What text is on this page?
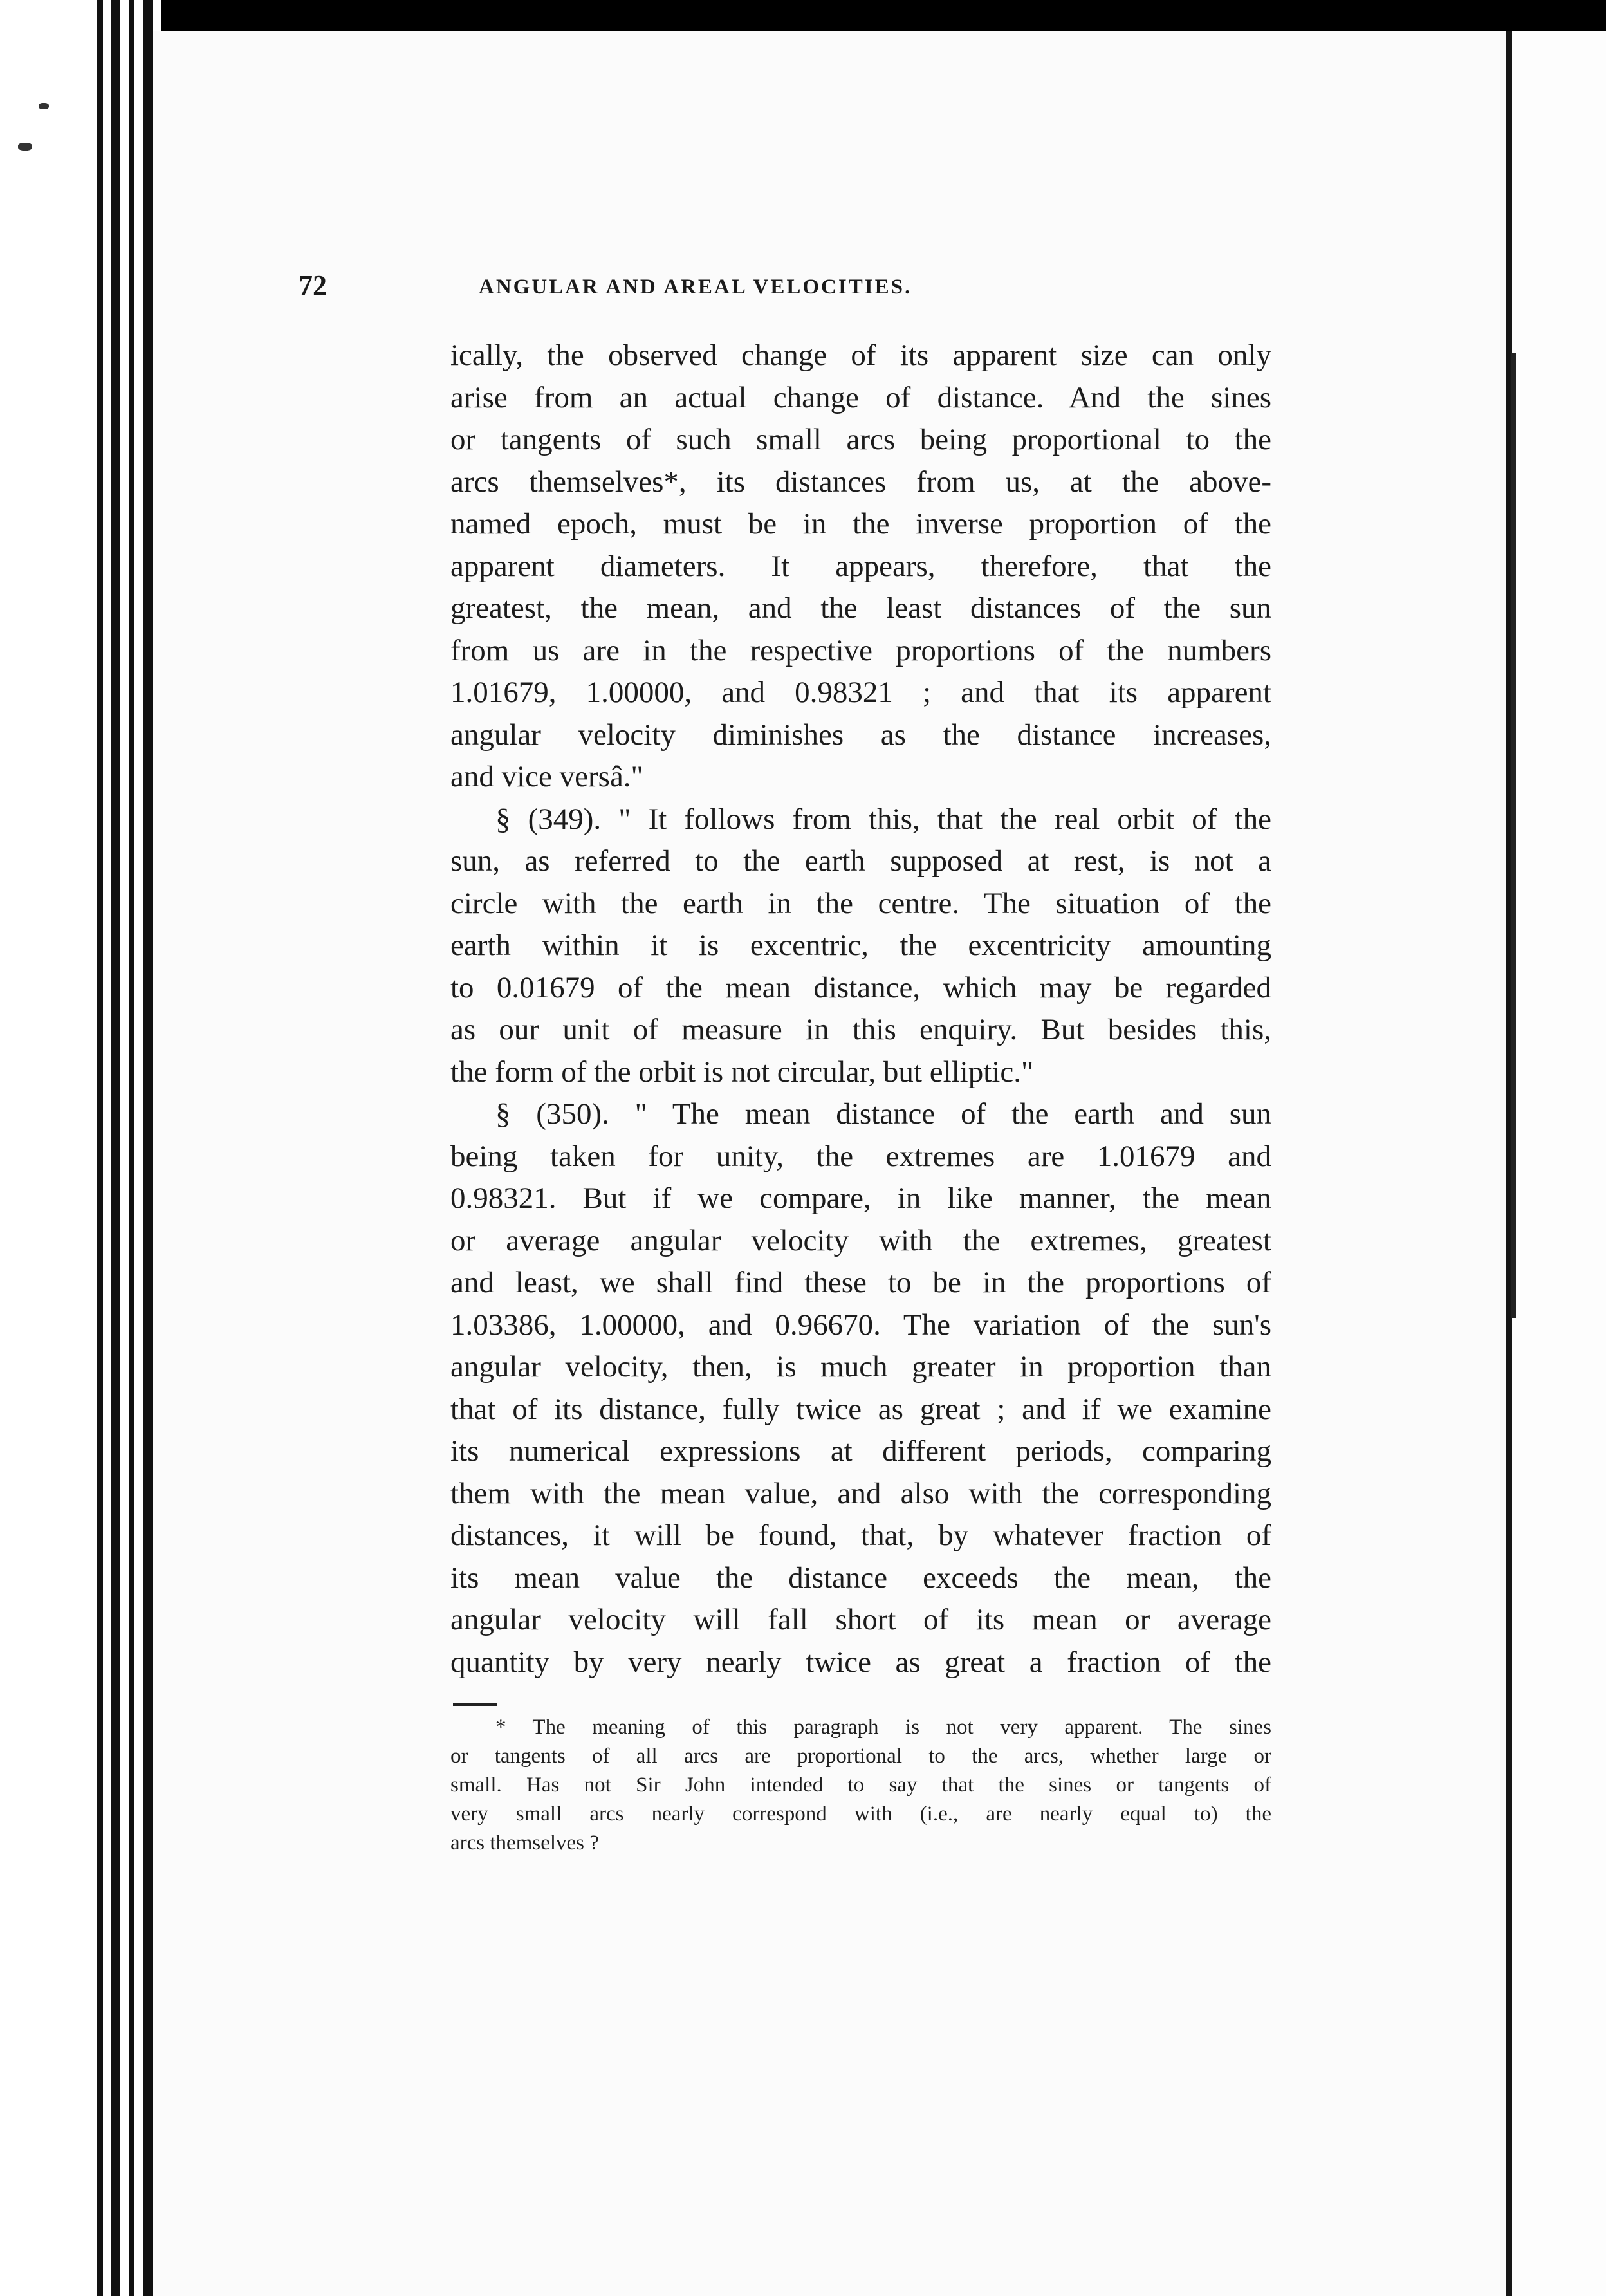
72	ANGULAR AND AREAL VELOCITIES.
ically, the observed change of its apparent size can only
arise from an actual change of distance. And the sines
or tangents of such small arcs being proportional to the
arcs themselves*, its distances from us, at the above-
named epoch, must be in the inverse proportion of the
apparent diameters. It appears, therefore, that the
greatest, the mean, and the least distances of the sun
from us are in the respective proportions of the numbers
1.01679, 1.00000, and 0.98321 ; and that its apparent
angular velocity diminishes as the distance increases,
and vice versâ."
§ (349). " It follows from this, that the real orbit of the
sun, as referred to the earth supposed at rest, is not a
circle with the earth in the centre. The situation of the
earth within it is excentric, the excentricity amounting
to 0.01679 of the mean distance, which may be regarded
as our unit of measure in this enquiry. But besides this,
the form of the orbit is not circular, but elliptic."
§ (350). " The mean distance of the earth and sun
being taken for unity, the extremes are 1.01679 and
0.98321. But if we compare, in like manner, the mean
or average angular velocity with the extremes, greatest
and least, we shall find these to be in the proportions of
1.03386, 1.00000, and 0.96670. The variation of the sun's
angular velocity, then, is much greater in proportion than
that of its distance, fully twice as great ; and if we examine
its numerical expressions at different periods, comparing
them with the mean value, and also with the corresponding
distances, it will be found, that, by whatever fraction of
its mean value the distance exceeds the mean, the
angular velocity will fall short of its mean or average
quantity by very nearly twice as great a fraction of the
* The meaning of this paragraph is not very apparent. The sines
or tangents of all arcs are proportional to the arcs, whether large or
small. Has not Sir John intended to say that the sines or tangents of
very small arcs nearly correspond with (i.e., are nearly equal to) the
arcs themselves ?
